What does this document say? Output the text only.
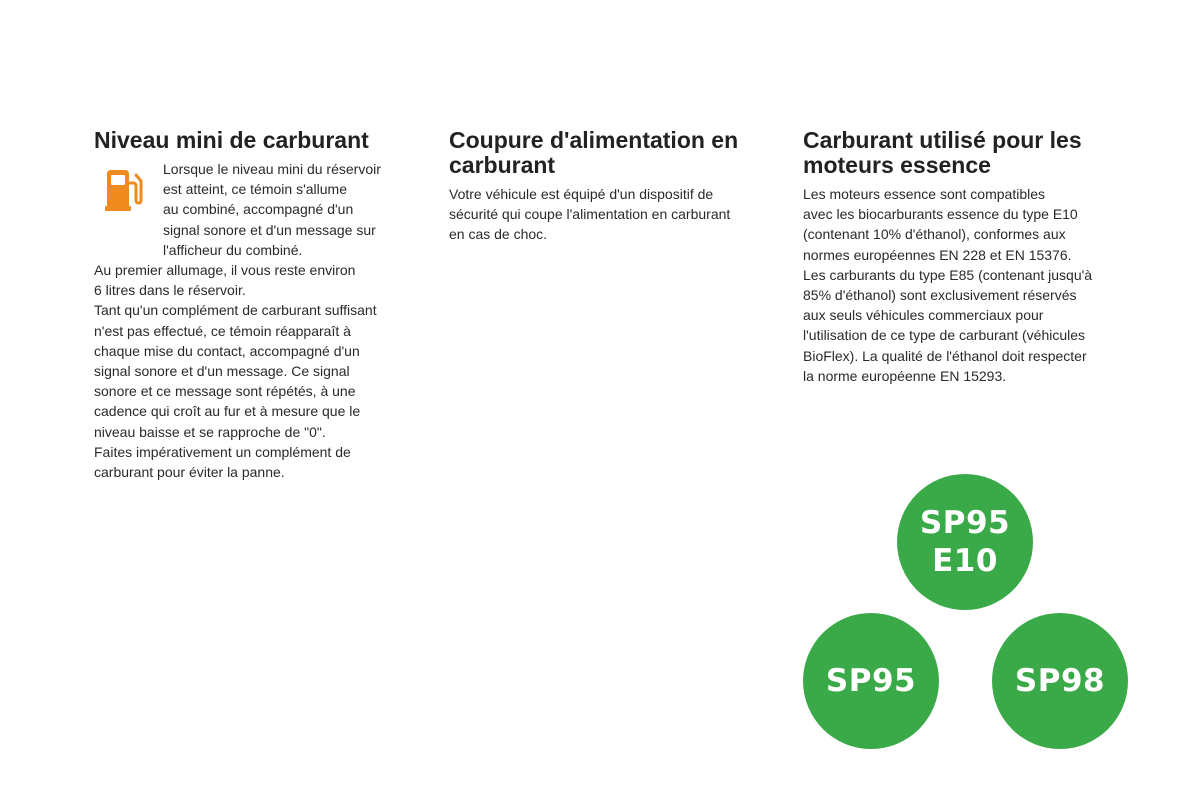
Niveau mini de carburant

Lorsque le niveau mini du réservoir
est atteint, ce témoin s'allume
au combiné, accompagné d'un
signal sonore et d'un message sur
l'afficheur du combiné.

Au premier allumage, il vous reste environ
6 litres dans le réservoir.
Tant qu'un complément de carburant suffisant
n'est pas effectué, ce témoin réapparaît à
chaque mise du contact, accompagné d'un
signal sonore et d'un message. Ce signal
sonore et ce message sont répétés, à une
cadence qui croît au fur et à mesure que le
niveau baisse et se rapproche de "0".
Faites impérativement un complément de
carburant pour éviter la panne.

Coupure d'alimentation en
carburant

Votre véhicule est équipé d'un dispositif de
sécurité qui coupe l'alimentation en carburant
en cas de choc.

Carburant utilisé pour les
moteurs essence

Les moteurs essence sont compatibles
avec les biocarburants essence du type E10
(contenant 10% d'éthanol), conformes aux
normes européennes EN 228 et EN 15376.
Les carburants du type E85 (contenant jusqu'à
85% d'éthanol) sont exclusivement réservés
aux seuls véhicules commerciaux pour
l'utilisation de ce type de carburant (véhicules
BioFlex). La qualité de l'éthanol doit respecter
la norme européenne EN 15293.

SP95
E10
SP95	SP98
